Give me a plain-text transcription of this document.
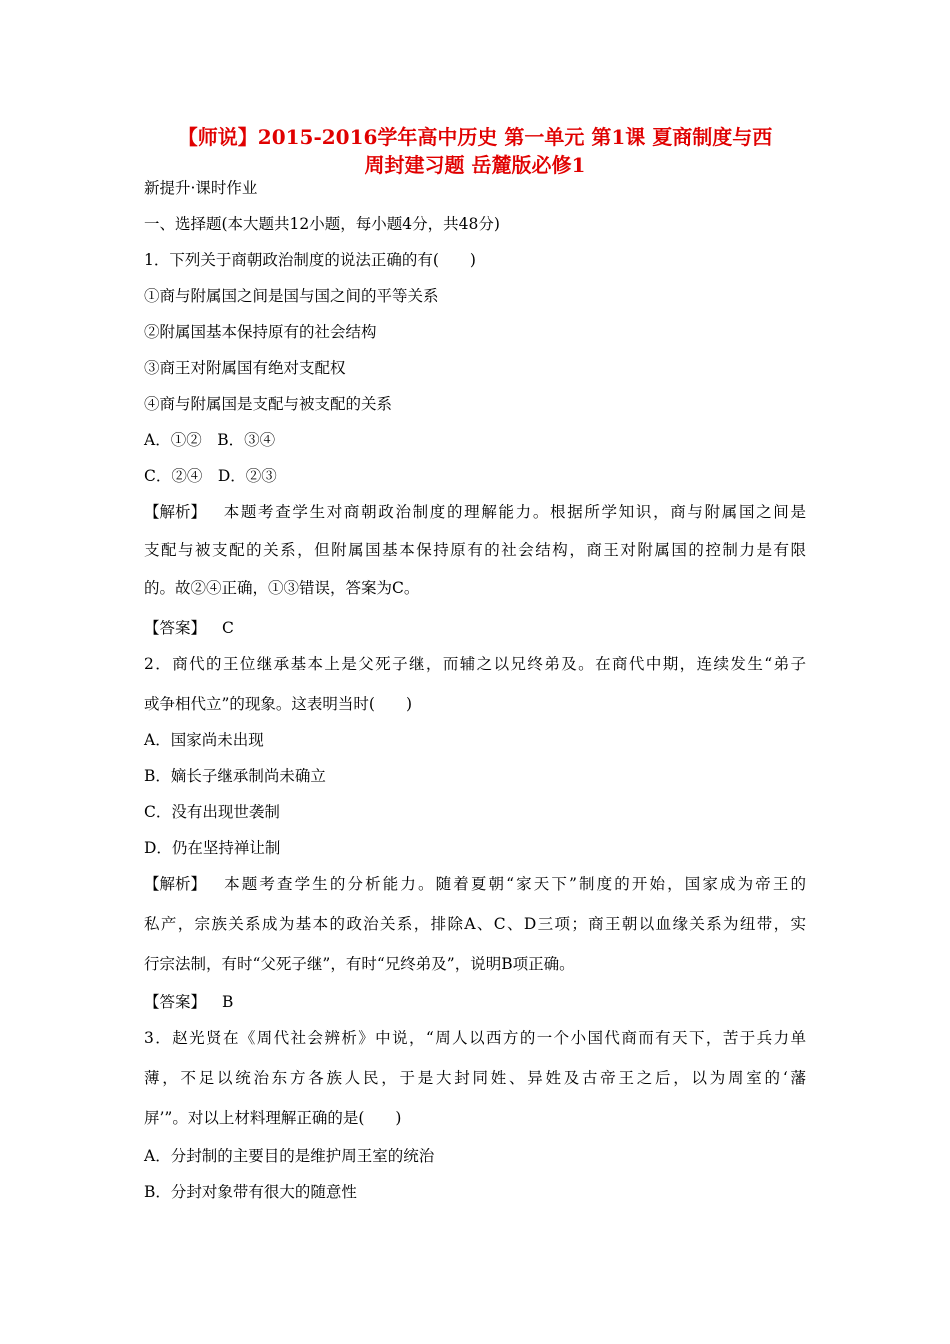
【师说】2015-2016学年高中历史 第一单元 第1课 夏商制度与西
周封建习题 岳麓版必修1
新提升·课时作业
一、选择题(本大题共12小题，每小题4分，共48分)
1．下列关于商朝政治制度的说法正确的有(　　)
①商与附属国之间是国与国之间的平等关系
②附属国基本保持原有的社会结构
③商王对附属国有绝对支配权
④商与附属国是支配与被支配的关系
A．①②　B．③④
C．②④　D．②③
【解析】 本题考查学生对商朝政治制度的理解能力。根据所学知识，商与附属国之间是
支配与被支配的关系，但附属国基本保持原有的社会结构，商王对附属国的控制力是有限
的。故②④正确，①③错误，答案为C。
【答案】 C
2．商代的王位继承基本上是父死子继，而辅之以兄终弟及。在商代中期，连续发生“弟子
或争相代立”的现象。这表明当时(　　)
A．国家尚未出现
B．嫡长子继承制尚未确立
C．没有出现世袭制
D．仍在坚持禅让制
【解析】 本题考查学生的分析能力。随着夏朝“家天下”制度的开始，国家成为帝王的
私产，宗族关系成为基本的政治关系，排除A、C、D三项；商王朝以血缘关系为纽带，实
行宗法制，有时“父死子继”，有时“兄终弟及”，说明B项正确。
【答案】 B
3．赵光贤在《周代社会辨析》中说，“周人以西方的一个小国代商而有天下，苦于兵力单
薄，不足以统治东方各族人民，于是大封同姓、异姓及古帝王之后，以为周室的‘藩
屏’”。对以上材料理解正确的是(　　)
A．分封制的主要目的是维护周王室的统治
B．分封对象带有很大的随意性
